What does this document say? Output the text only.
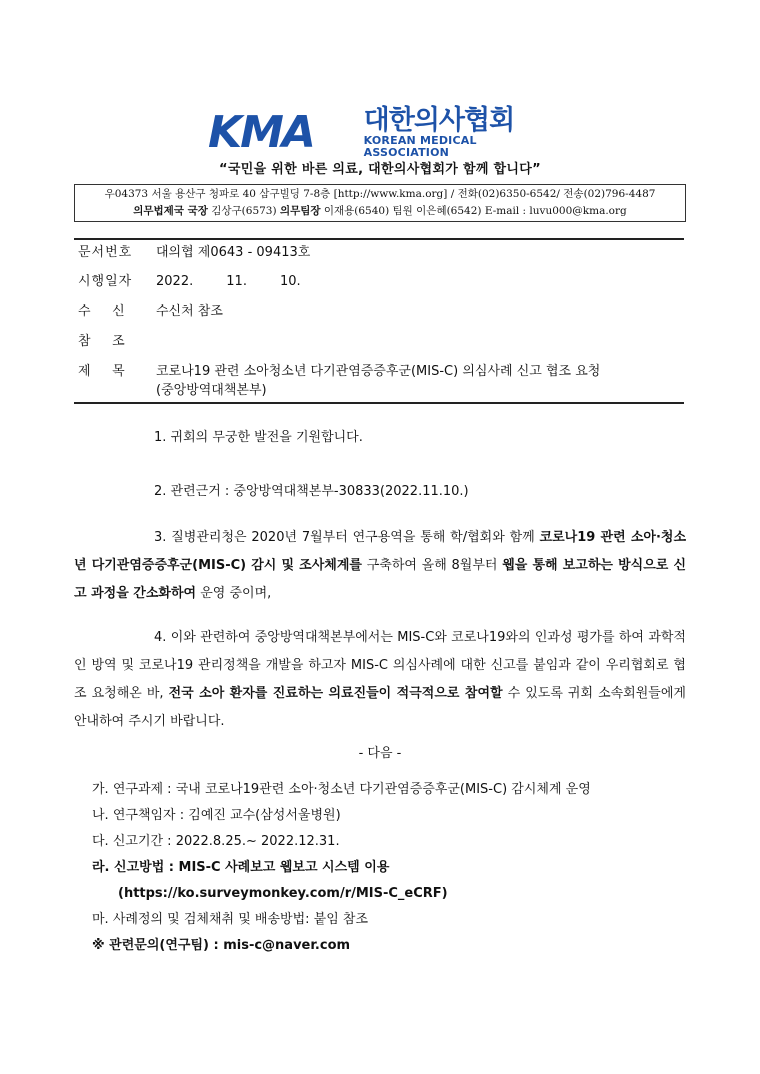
KMA	대한의사협회
KOREAN MEDICAL ASSOCIATION
“국민을 위한 바른 의료, 대한의사협회가 함께 합니다”
우04373 서울 용산구 청파로 40 삼구빌딩 7-8층 [http://www.kma.org] / 전화(02)6350-6542/ 전송(02)796-4487
의무법제국 국장 김상구(6573) 의무팀장 이재용(6540) 팀원 이은혜(6542) E-mail : luvu000@kma.org
문서번호 대의협 제0643 - 09413호
시행일자 2022.        11.        10.
수    신 수신처 참조
참    조
제    목 코로나19 관련 소아청소년 다기관염증증후군(MIS-C) 의심사례 신고 협조 요청
(중앙방역대책본부)
1. 귀회의 무궁한 발전을 기원합니다.
2. 관련근거 : 중앙방역대책본부-30833(2022.11.10.)
3. 질병관리청은 2020년 7월부터 연구용역을 통해 학/협회와 함께 코로나19 관련 소아·청소년 다기관염증증후군(MIS-C) 감시 및 조사체계를 구축하여 올해 8월부터 웹을 통해 보고하는 방식으로 신고 과정을 간소화하여 운영 중이며,
4. 이와 관련하여 중앙방역대책본부에서는 MIS-C와 코로나19와의 인과성 평가를 하여 과학적인 방역 및 코로나19 관리정책을 개발을 하고자 MIS-C 의심사례에 대한 신고를 붙임과 같이 우리협회로 협조 요청해온 바, 전국 소아 환자를 진료하는 의료진들이 적극적으로 참여할 수 있도록 귀회 소속회원들에게 안내하여 주시기 바랍니다.
- 다음 -
가. 연구과제 : 국내 코로나19관련 소아·청소년 다기관염증증후군(MIS-C) 감시체계 운영
나. 연구책임자 : 김예진 교수(삼성서울병원)
다. 신고기간 : 2022.8.25.~ 2022.12.31.
라. 신고방법 : MIS-C 사례보고 웹보고 시스템 이용
(https://ko.surveymonkey.com/r/MIS-C_eCRF)
마. 사례정의 및 검체채취 및 배송방법: 붙임 참조
※ 관련문의(연구팀) : mis-c@naver.com
